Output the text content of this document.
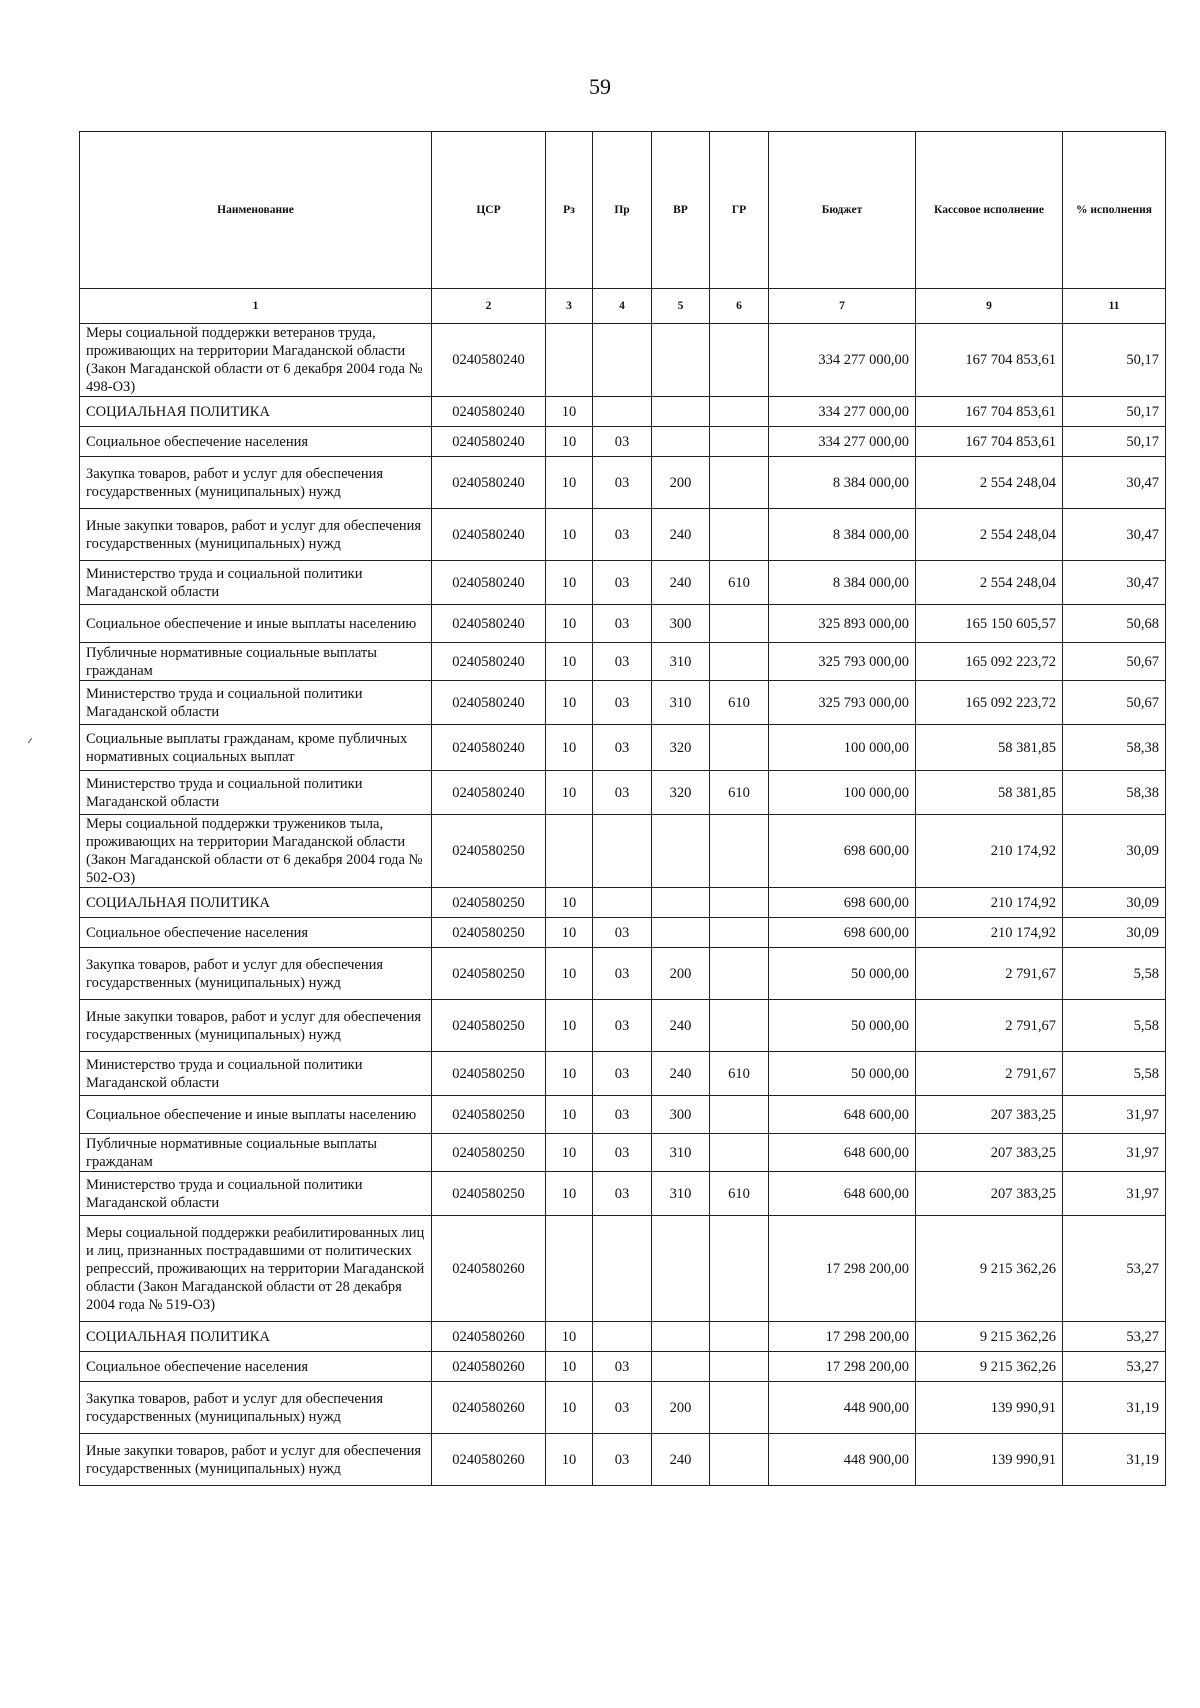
59
Наименование	ЦСР	Рз	Пр	ВР	ГР	Бюджет	Кассовое исполнение	% исполнения
1	2	3	4	5	6	7	9	11
Меры социальной поддержки ветеранов труда, проживающих на территории Магаданской области (Закон Магаданской области от 6 декабря 2004 года № 498-ОЗ)	0240580240					334 277 000,00	167 704 853,61	50,17
СОЦИАЛЬНАЯ ПОЛИТИКА	0240580240	10				334 277 000,00	167 704 853,61	50,17
Социальное обеспечение населения	0240580240	10	03			334 277 000,00	167 704 853,61	50,17
Закупка товаров, работ и услуг для обеспечения государственных (муниципальных) нужд	0240580240	10	03	200		8 384 000,00	2 554 248,04	30,47
Иные закупки товаров, работ и услуг для обеспечения государственных (муниципальных) нужд	0240580240	10	03	240		8 384 000,00	2 554 248,04	30,47
Министерство труда и социальной политики Магаданской области	0240580240	10	03	240	610	8 384 000,00	2 554 248,04	30,47
Социальное обеспечение и иные выплаты населению	0240580240	10	03	300		325 893 000,00	165 150 605,57	50,68
Публичные нормативные социальные выплаты гражданам	0240580240	10	03	310		325 793 000,00	165 092 223,72	50,67
Министерство труда и социальной политики Магаданской области	0240580240	10	03	310	610	325 793 000,00	165 092 223,72	50,67
Социальные выплаты гражданам, кроме публичных нормативных социальных выплат	0240580240	10	03	320		100 000,00	58 381,85	58,38
Министерство труда и социальной политики Магаданской области	0240580240	10	03	320	610	100 000,00	58 381,85	58,38
Меры социальной поддержки тружеников тыла, проживающих на территории Магаданской области (Закон Магаданской области от 6 декабря 2004 года № 502-ОЗ)	0240580250					698 600,00	210 174,92	30,09
СОЦИАЛЬНАЯ ПОЛИТИКА	0240580250	10				698 600,00	210 174,92	30,09
Социальное обеспечение населения	0240580250	10	03			698 600,00	210 174,92	30,09
Закупка товаров, работ и услуг для обеспечения государственных (муниципальных) нужд	0240580250	10	03	200		50 000,00	2 791,67	5,58
Иные закупки товаров, работ и услуг для обеспечения государственных (муниципальных) нужд	0240580250	10	03	240		50 000,00	2 791,67	5,58
Министерство труда и социальной политики Магаданской области	0240580250	10	03	240	610	50 000,00	2 791,67	5,58
Социальное обеспечение и иные выплаты населению	0240580250	10	03	300		648 600,00	207 383,25	31,97
Публичные нормативные социальные выплаты гражданам	0240580250	10	03	310		648 600,00	207 383,25	31,97
Министерство труда и социальной политики Магаданской области	0240580250	10	03	310	610	648 600,00	207 383,25	31,97
Меры социальной поддержки реабилитированных лиц и лиц, признанных пострадавшими от политических репрессий, проживающих на территории Магаданской области (Закон Магаданской области от 28 декабря 2004 года № 519-ОЗ)	0240580260					17 298 200,00	9 215 362,26	53,27
СОЦИАЛЬНАЯ ПОЛИТИКА	0240580260	10				17 298 200,00	9 215 362,26	53,27
Социальное обеспечение населения	0240580260	10	03			17 298 200,00	9 215 362,26	53,27
Закупка товаров, работ и услуг для обеспечения государственных (муниципальных) нужд	0240580260	10	03	200		448 900,00	139 990,91	31,19
Иные закупки товаров, работ и услуг для обеспечения государственных (муниципальных) нужд	0240580260	10	03	240		448 900,00	139 990,91	31,19
